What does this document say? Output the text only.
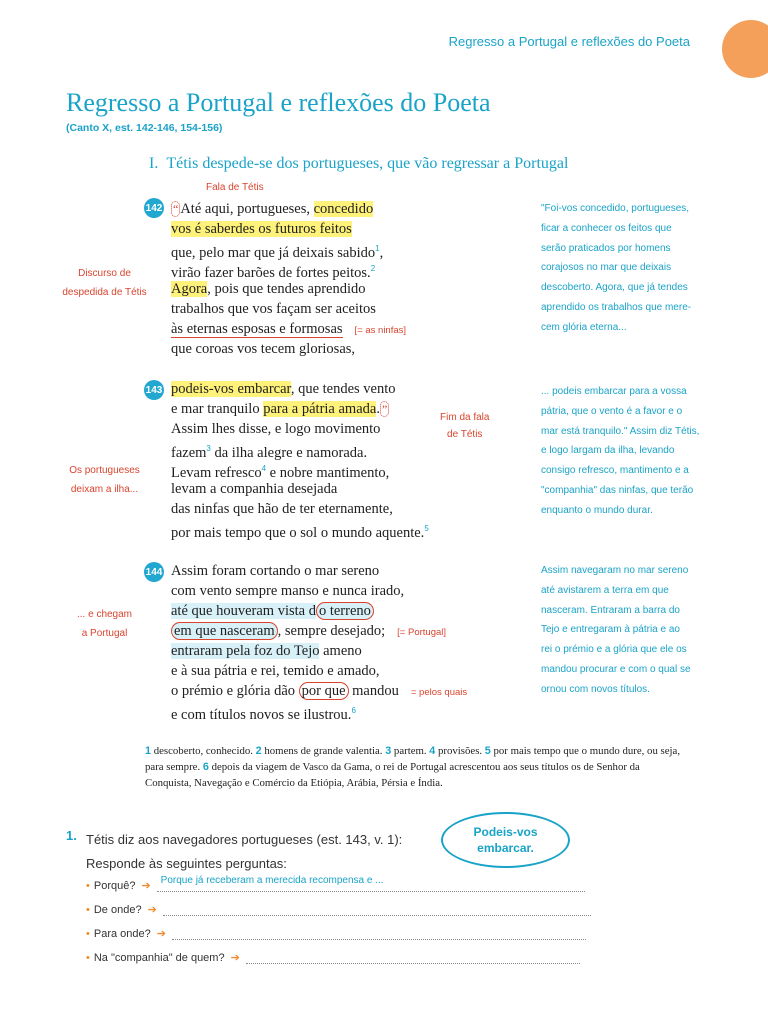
Regresso a Portugal e reflexões do Poeta
Regresso a Portugal e reflexões do Poeta
(Canto X, est. 142-146, 154-156)
I. Tétis despede-se dos portugueses, que vão regressar a Portugal
Fala de Tétis
142
Discurso de
despedida de Tétis
“ Até aqui, portugueses, concedido
vos é saberdes os futuros feitos
que, pelo mar que já deixais sabido$^1$,
virão fazer barões de fortes peitos.$^2$
Agora, pois que tendes aprendido
trabalhos que vos façam ser aceitos
às eternas esposas e formosas [= as ninfas]
que coroas vos tecem gloriosas,
"Foi-vos concedido, portugueses,
ficar a conhecer os feitos que
serão praticados por homens
corajosos no mar que deixais
descoberto. Agora, que já tendes
aprendido os trabalhos que mere-
cem glória eterna...
143 podeis-vos embarcar, que tendes vento
e mar tranquilo para a pátria amada. ”
Assim lhes disse, e logo movimento
fazem$^3$ da ilha alegre e namorada.
Levam refresco$^4$ e nobre mantimento,
levam a companhia desejada
das ninfas que hão de ter eternamente,
por mais tempo que o sol o mundo aquente.$^5$
Fim da fala
de Tétis
Os portugueses
deixam a ilha...
... podeis embarcar para a vossa
pátria, que o vento é a favor e o
mar está tranquilo." Assim diz Tétis,
e logo largam da ilha, levando
consigo refresco, mantimento e a
"companhia" das ninfas, que terão
enquanto o mundo durar.
144 Assim foram cortando o mar sereno
com vento sempre manso e nunca irado,
até que houveram vista d o terreno
em que nasceram , sempre desejado; [= Portugal]
entraram pela foz do Tejo ameno
e à sua pátria e rei, temido e amado,
o prémio e glória dão por que mandou = pelos quais
e com títulos novos se ilustrou.$^6$
... e chegam
a Portugal
Assim navegaram no mar sereno
até avistarem a terra em que
nasceram. Entraram a barra do
Tejo e entregaram à pátria e ao
rei o prémio e a glória que ele os
mandou procurar e com o qual se
ornou com novos títulos.
1 descoberto, conhecido. 2 homens de grande valentia. 3 partem. 4 provisões. 5 por mais tempo que o mundo dure, ou seja, para sempre. 6 depois da viagem de Vasco da Gama, o rei de Portugal acrescentou aos seus títulos os de Senhor da Conquista, Navegação e Comércio da Etiópia, Arábia, Pérsia e Índia.
1. Tétis diz aos navegadores portugueses (est. 143, v. 1):
Responde às seguintes perguntas:
Podeis-vos
embarcar.
• Porquê? ➔	Porque já receberam a merecida recompensa e ...
• De onde? ➔
• Para onde? ➔
• Na "companhia" de quem? ➔
